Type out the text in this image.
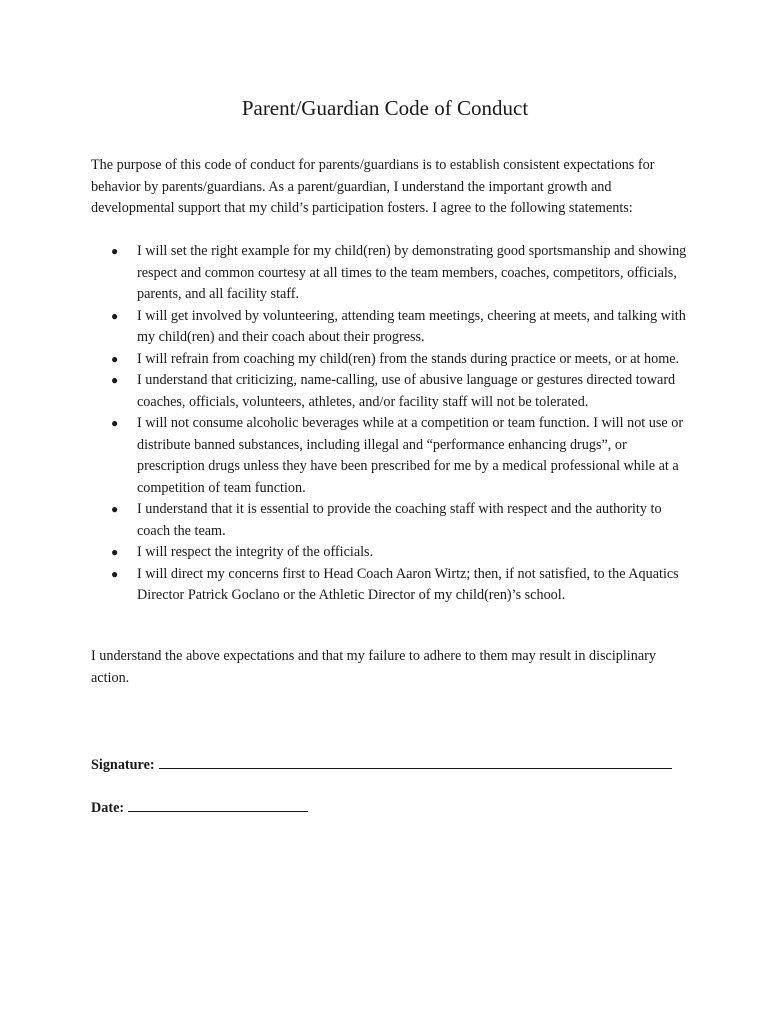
Parent/Guardian Code of Conduct

The purpose of this code of conduct for parents/guardians is to establish consistent expectations for behavior by parents/guardians. As a parent/guardian, I understand the important growth and developmental support that my child’s participation fosters. I agree to the following statements:

● I will set the right example for my child(ren) by demonstrating good sportsmanship and showing respect and common courtesy at all times to the team members, coaches, competitors, officials, parents, and all facility staff.
● I will get involved by volunteering, attending team meetings, cheering at meets, and talking with my child(ren) and their coach about their progress.
● I will refrain from coaching my child(ren) from the stands during practice or meets, or at home.
● I understand that criticizing, name-calling, use of abusive language or gestures directed toward coaches, officials, volunteers, athletes, and/or facility staff will not be tolerated.
● I will not consume alcoholic beverages while at a competition or team function. I will not use or distribute banned substances, including illegal and “performance enhancing drugs”, or prescription drugs unless they have been prescribed for me by a medical professional while at a competition of team function.
● I understand that it is essential to provide the coaching staff with respect and the authority to coach the team.
● I will respect the integrity of the officials.
● I will direct my concerns first to Head Coach Aaron Wirtz; then, if not satisfied, to the Aquatics Director Patrick Goclano or the Athletic Director of my child(ren)’s school.

I understand the above expectations and that my failure to adhere to them may result in disciplinary action.

Signature:
Date:
